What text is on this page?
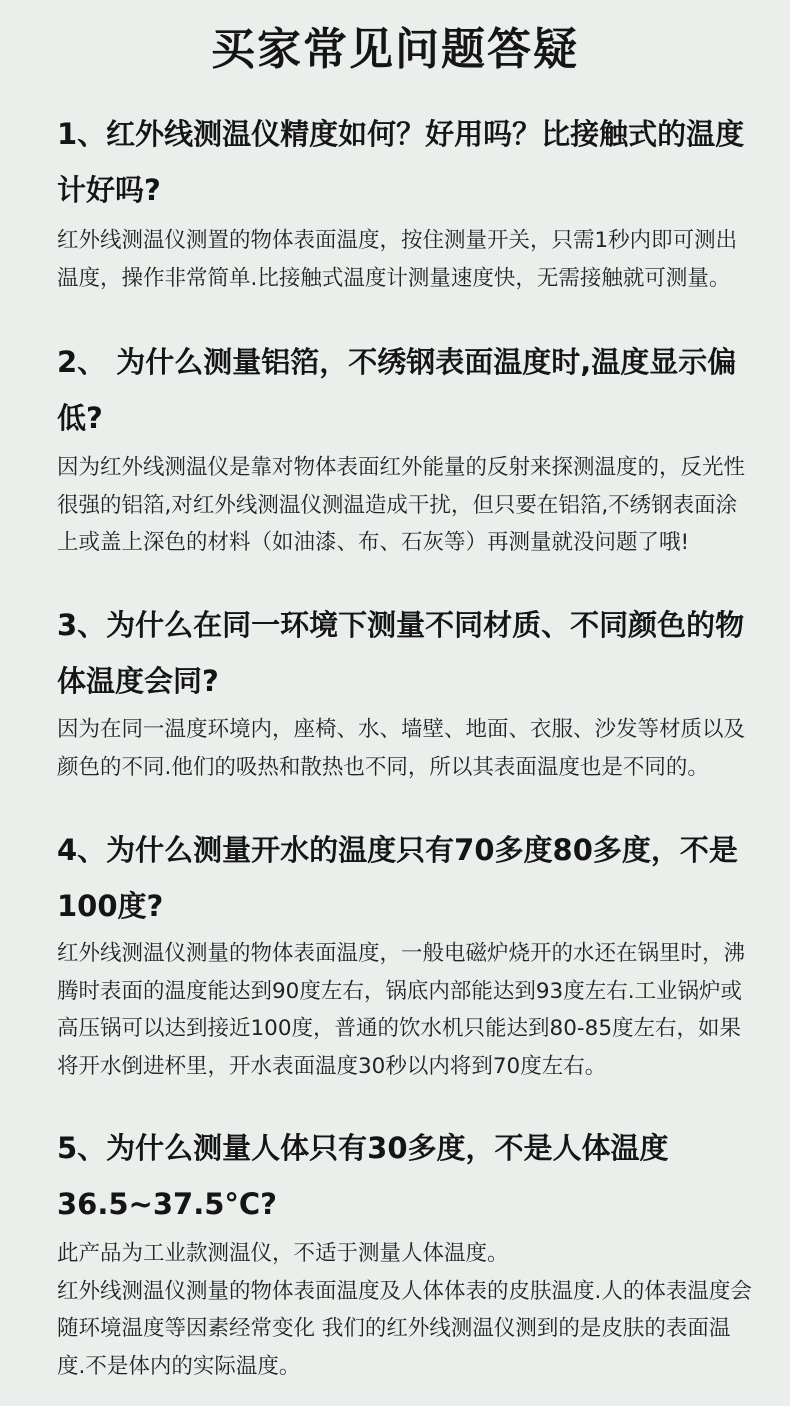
买家常见问题答疑
1、红外线测温仪精度如何？好用吗？比接触式的温度计好吗?

红外线测温仪测置的物体表面温度，按住测量开关，只需1秒内即可测出温度，操作非常简单.比接触式温度计测量速度快，无需接触就可测量。

2、 为什么测量铝箔，不绣钢表面温度时,温度显示偏低?

因为红外线测温仪是靠对物体表面红外能量的反射来探测温度的，反光性很强的铝箔,对红外线测温仪测温造成干扰，但只要在铝箔,不绣钢表面涂上或盖上深色的材料（如油漆、布、石灰等）再测量就没问题了哦!

3、为什么在同一环境下测量不同材质、不同颜色的物体温度会同?

因为在同一温度环境内，座椅、水、墙壁、地面、衣服、沙发等材质以及颜色的不同.他们的吸热和散热也不同，所以其表面温度也是不同的。

4、为什么测量开水的温度只有70多度80多度，不是100度?

红外线测温仪测量的物体表面温度，一般电磁炉烧开的水还在锅里时，沸腾时表面的温度能达到90度左右，锅底内部能达到93度左右.工业锅炉或高压锅可以达到接近100度，普通的饮水机只能达到80-85度左右，如果将开水倒进杯里，开水表面温度30秒以内将到70度左右。

5、为什么测量人体只有30多度，不是人体温度36.5~37.5°C?

此产品为工业款测温仪，不适于测量人体温度。

红外线测温仪测量的物体表面温度及人体体表的皮肤温度.人的体表温度会随环境温度等因素经常变化 我们的红外线测温仪测到的是皮肤的表面温度.不是体内的实际温度。
